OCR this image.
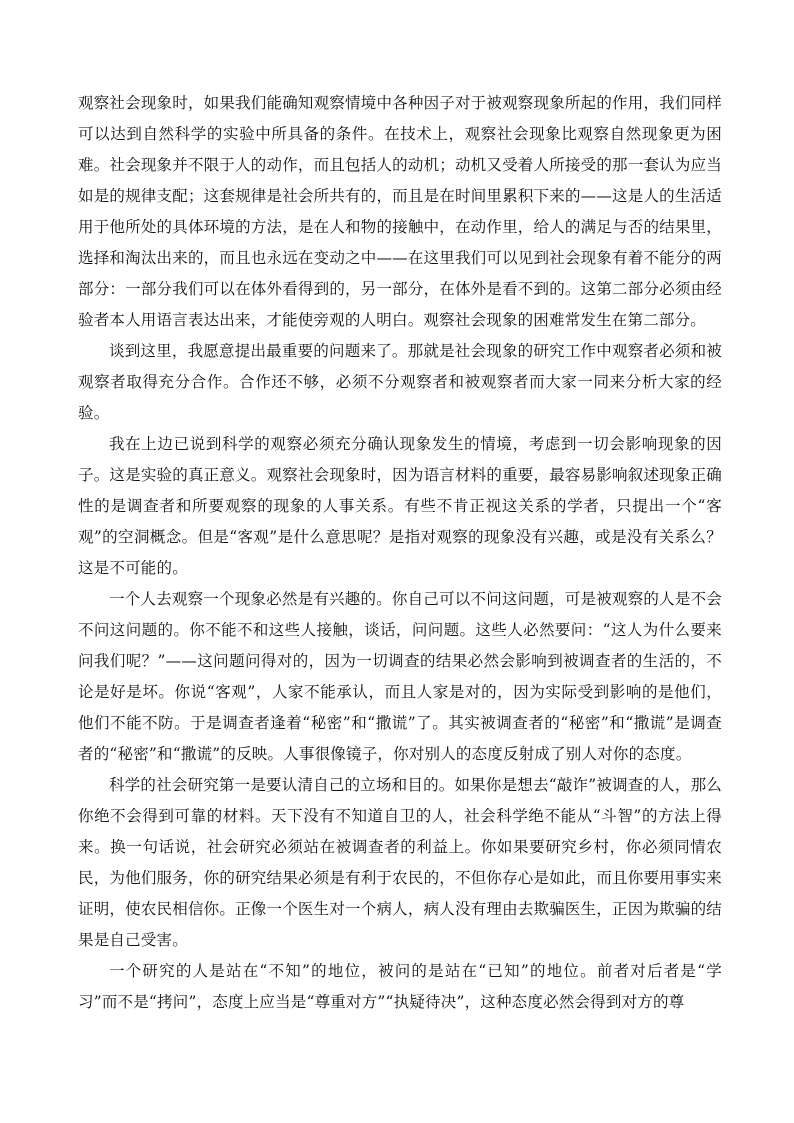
观察社会现象时，如果我们能确知观察情境中各种因子对于被观察现象所起的作用，我们同样可以达到自然科学的实验中所具备的条件。在技术上，观察社会现象比观察自然现象更为困难。社会现象并不限于人的动作，而且包括人的动机；动机又受着人所接受的那一套认为应当如是的规律支配；这套规律是社会所共有的，而且是在时间里累积下来的——这是人的生活适用于他所处的具体环境的方法，是在人和物的接触中，在动作里，给人的满足与否的结果里，选择和淘汰出来的，而且也永远在变动之中——在这里我们可以见到社会现象有着不能分的两部分：一部分我们可以在体外看得到的，另一部分，在体外是看不到的。这第二部分必须由经验者本人用语言表达出来，才能使旁观的人明白。观察社会现象的困难常发生在第二部分。

谈到这里，我愿意提出最重要的问题来了。那就是社会现象的研究工作中观察者必须和被观察者取得充分合作。合作还不够，必须不分观察者和被观察者而大家一同来分析大家的经验。

我在上边已说到科学的观察必须充分确认现象发生的情境，考虑到一切会影响现象的因子。这是实验的真正意义。观察社会现象时，因为语言材料的重要，最容易影响叙述现象正确性的是调查者和所要观察的现象的人事关系。有些不肯正视这关系的学者，只提出一个“客观”的空洞概念。但是“客观”是什么意思呢？是指对观察的现象没有兴趣，或是没有关系么？这是不可能的。

一个人去观察一个现象必然是有兴趣的。你自己可以不问这问题，可是被观察的人是不会不问这问题的。你不能不和这些人接触，谈话，问问题。这些人必然要问：“这人为什么要来问我们呢？”——这问题问得对的，因为一切调查的结果必然会影响到被调查者的生活的，不论是好是坏。你说“客观”，人家不能承认，而且人家是对的，因为实际受到影响的是他们，他们不能不防。于是调查者逢着“秘密”和“撒谎”了。其实被调查者的“秘密”和“撒谎”是调查者的“秘密”和“撒谎”的反映。人事很像镜子，你对别人的态度反射成了别人对你的态度。

科学的社会研究第一是要认清自己的立场和目的。如果你是想去“敲诈”被调查的人，那么你绝不会得到可靠的材料。天下没有不知道自卫的人，社会科学绝不能从“斗智”的方法上得来。换一句话说，社会研究必须站在被调查者的利益上。你如果要研究乡村，你必须同情农民，为他们服务，你的研究结果必须是有利于农民的，不但你存心是如此，而且你要用事实来证明，使农民相信你。正像一个医生对一个病人，病人没有理由去欺骗医生，正因为欺骗的结果是自己受害。

一个研究的人是站在“不知”的地位，被问的是站在“已知”的地位。前者对后者是“学习”而不是“拷问”，态度上应当是“尊重对方”“执疑待决”，这种态度必然会得到对方的尊
